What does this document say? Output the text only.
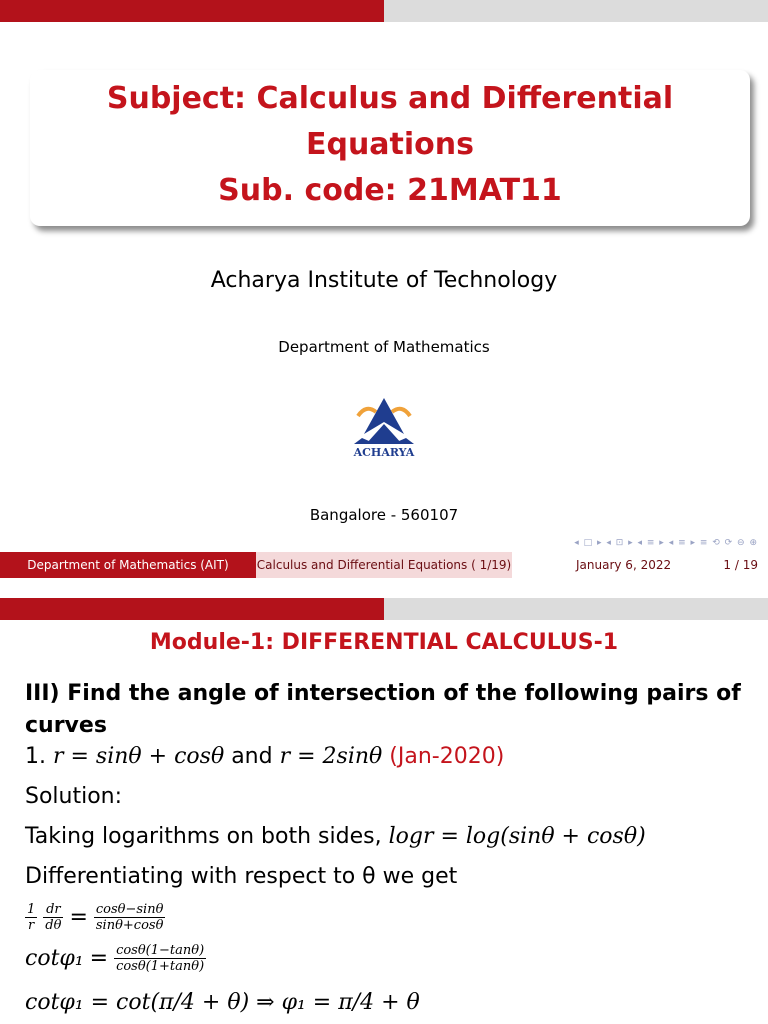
Subject: Calculus and Differential
Equations
Sub. code: 21MAT11
Acharya Institute of Technology
Department of Mathematics
ACHARYA
Bangalore - 560107
◂ □ ▸ ◂ ⊡ ▸ ◂ ≡ ▸ ◂ ≡ ▸ ≡ ⟲ ⟳ ⊖ ⊕
Department of Mathematics (AIT)	Calculus and Differential Equations ( 1/19)	January 6, 2022	1 / 19
Module-1: DIFFERENTIAL CALCULUS-1
III) Find the angle of intersection of the following pairs of curves
1. r = sinθ + cosθ and r = 2sinθ (Jan-2020)
Solution:
Taking logarithms on both sides, logr = log(sinθ + cosθ)
Differentiating with respect to θ we get
$\frac{1}{r} \frac{dr}{d\theta} = \frac{\cos\theta-\sin\theta}{\sin\theta+\cos\theta}$
$\cot\varphi_1 = \frac{\cos\theta(1-\tan\theta)}{\cos\theta(1+\tan\theta)}$
cotφ₁ = cot(π/4 + θ) ⇒ φ₁ = π/4 + θ
